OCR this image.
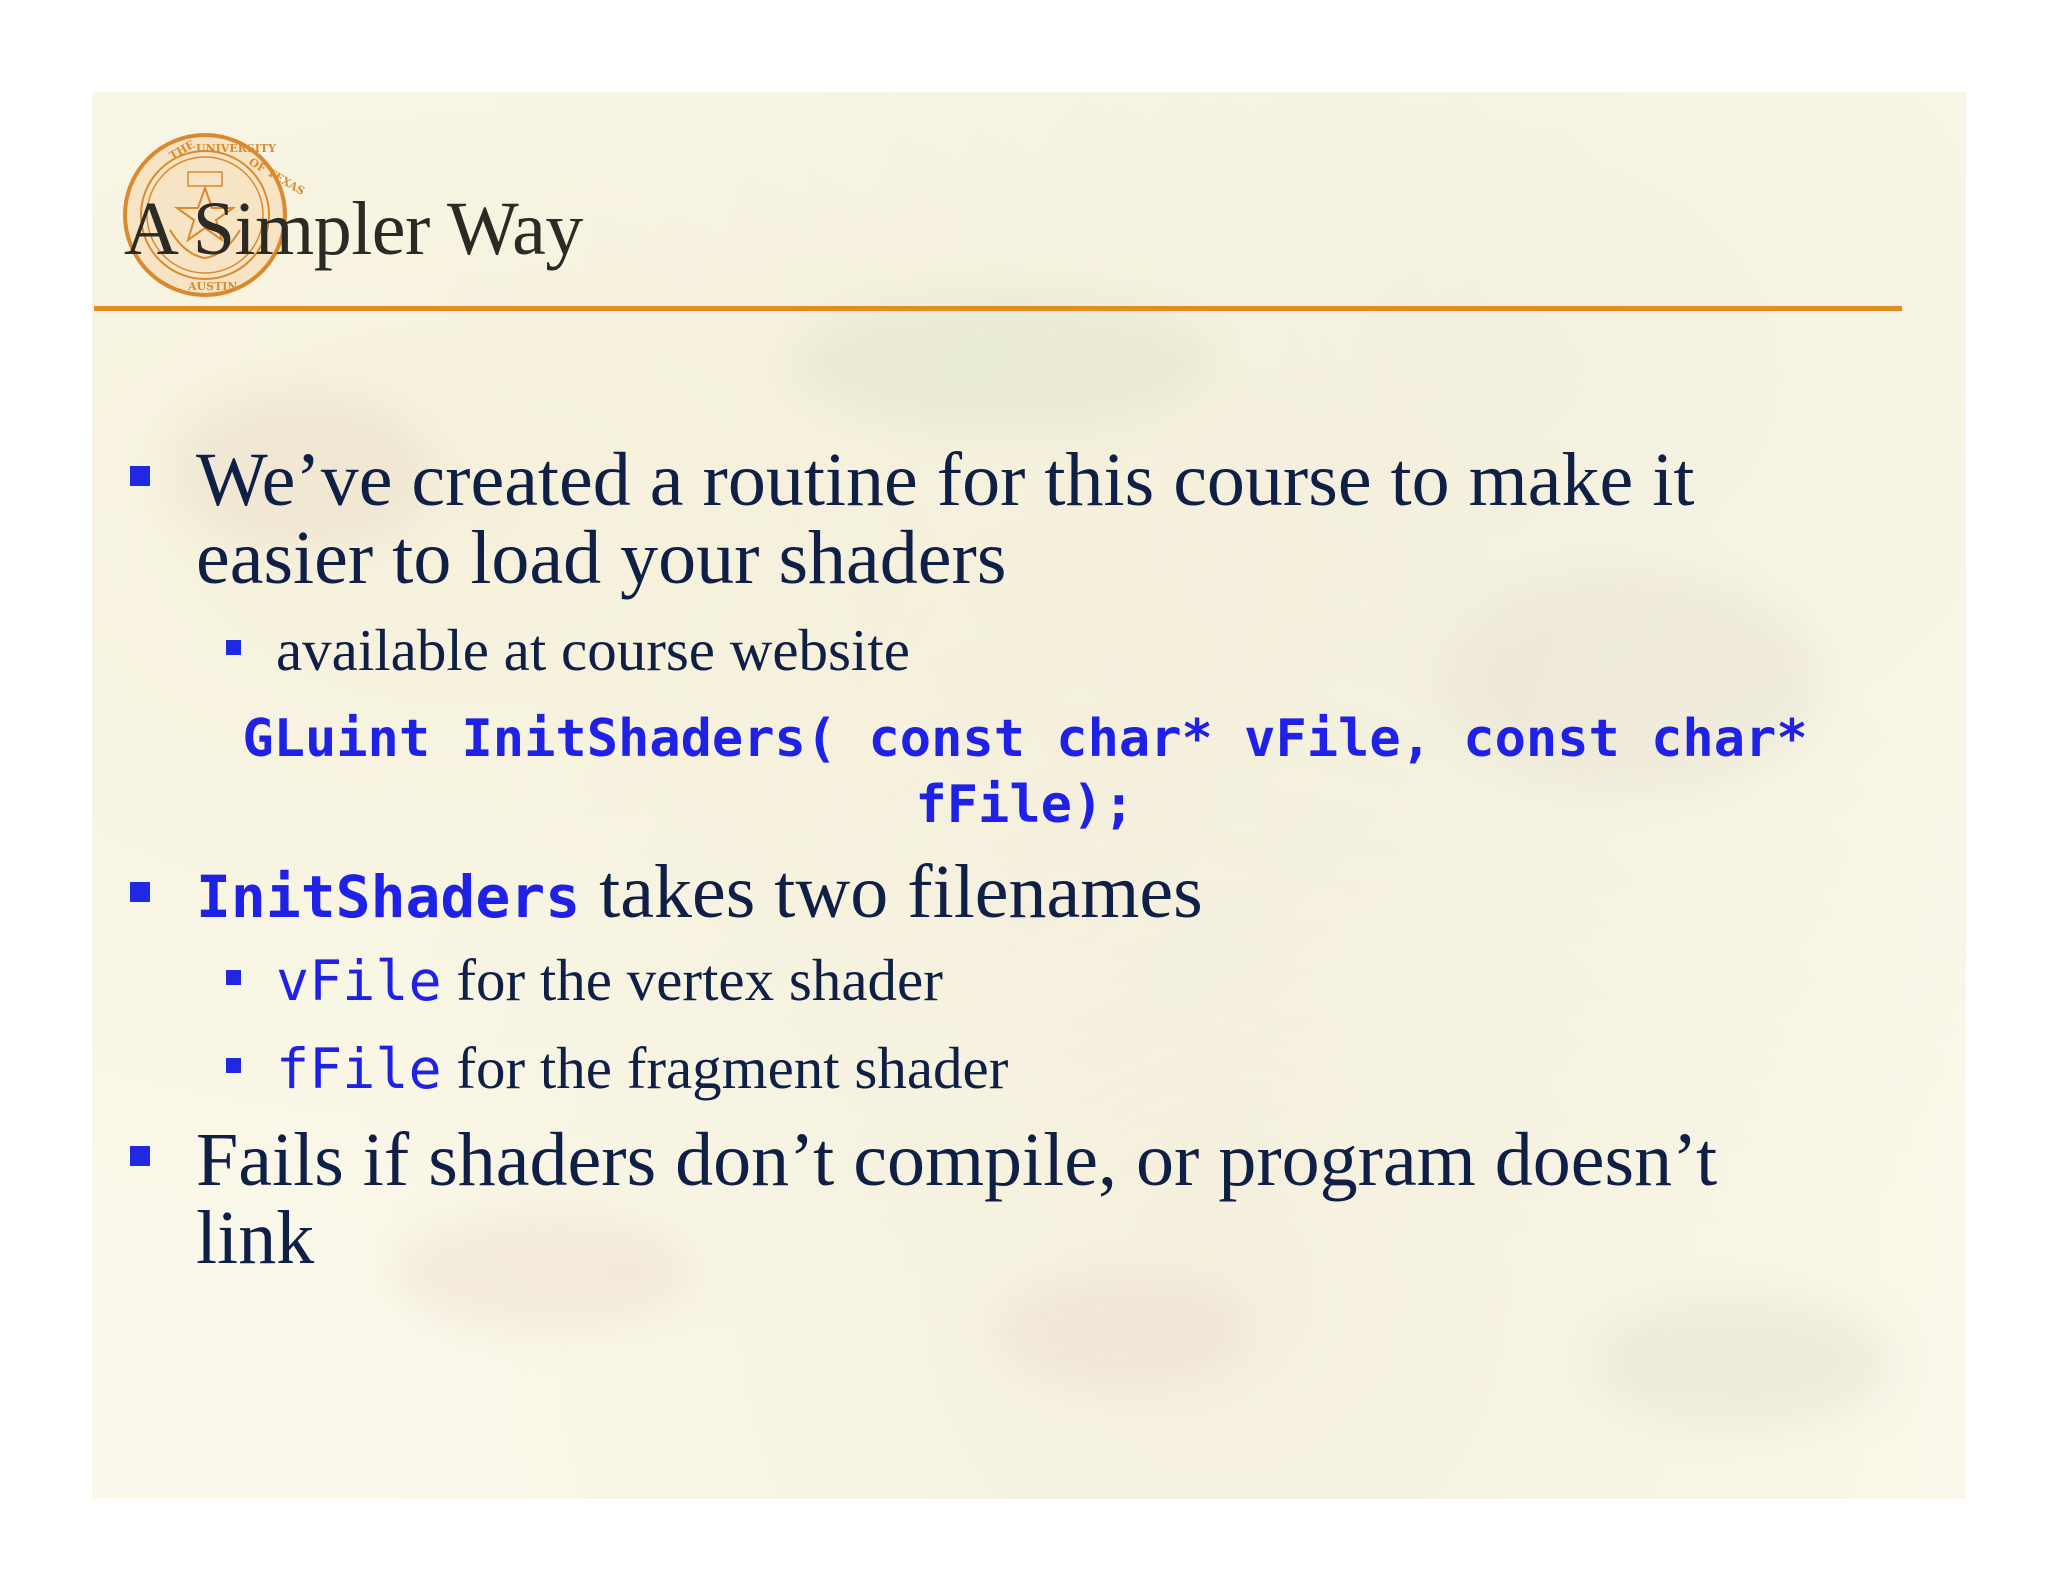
THE UNIVERSITY
OF TEXAS
AUSTIN
A Simpler Way
We’ve created a routine for this course to make it
easier to load your shaders
available at course website
GLuint InitShaders( const char* vFile, const char*
fFile);
InitShaders takes two filenames
vFile for the vertex shader
fFile for the fragment shader
Fails if shaders don’t compile, or program doesn’t
link
